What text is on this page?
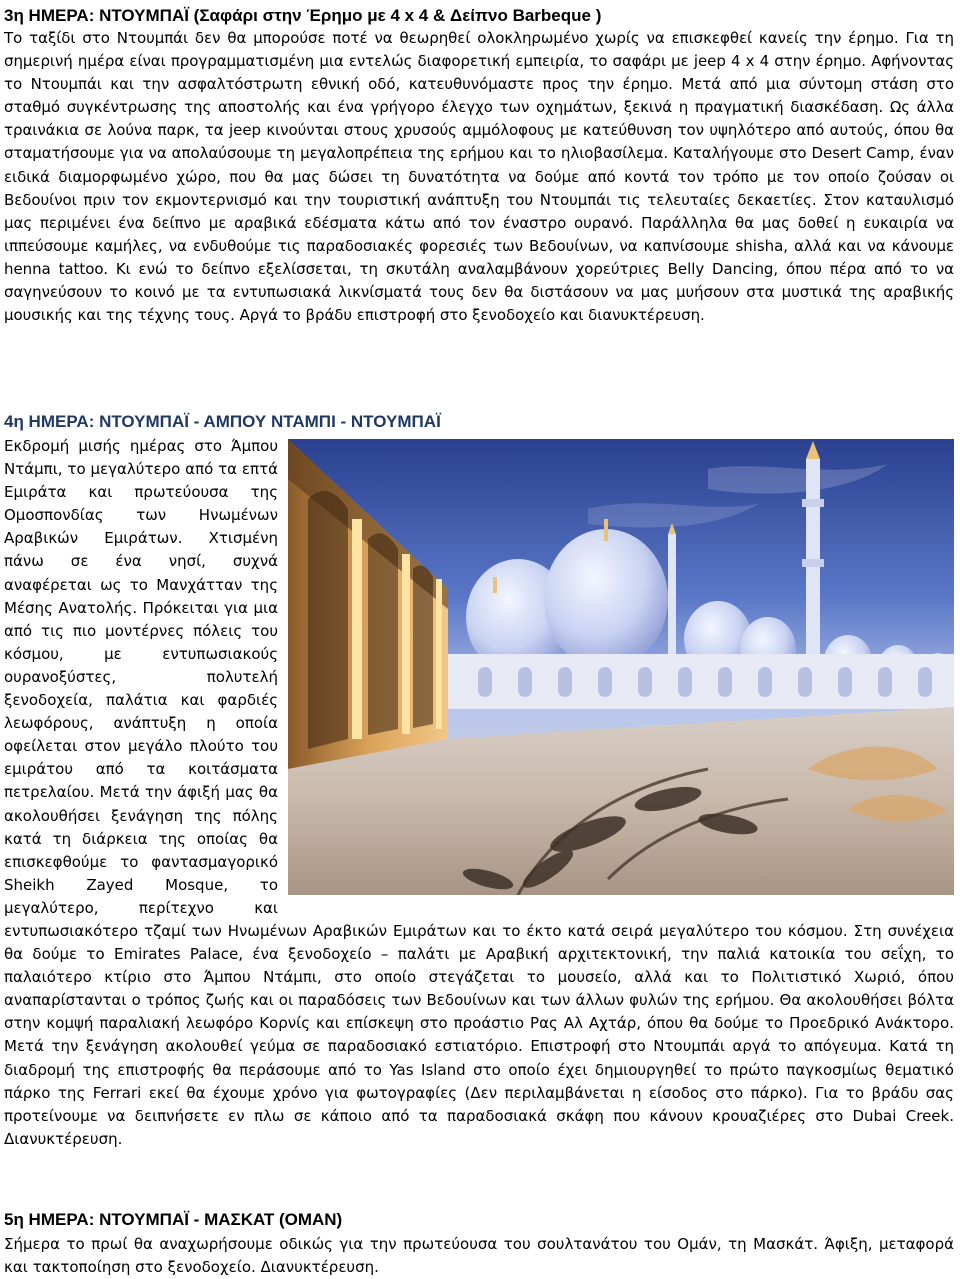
3η ΗΜΕΡΑ: ΝΤΟΥΜΠΑΪ (Σαφάρι στην Έρημο με 4 x 4 & Δείπνο Barbeque )

Το ταξίδι στο Ντουμπάι δεν θα μπορούσε ποτέ να θεωρηθεί ολοκληρωμένο χωρίς να επισκεφθεί κανείς την έρημο. Για τη σημερινή ημέρα είναι προγραμματισμένη μια εντελώς διαφορετική εμπειρία, το σαφάρι με jeep 4 x 4 στην έρημο. Αφήνοντας το Ντουμπάι και την ασφαλτόστρωτη εθνική οδό, κατευθυνόμαστε προς την έρημο. Μετά από μια σύντομη στάση στο σταθμό συγκέντρωσης της αποστολής και ένα γρήγορο έλεγχο των οχημάτων, ξεκινά η πραγματική διασκέδαση. Ως άλλα τραινάκια σε λούνα παρκ, τα jeep κινούνται στους χρυσούς αμμόλοφους με κατεύθυνση τον υψηλότερο από αυτούς, όπου θα σταματήσουμε για να απολαύσουμε τη μεγαλοπρέπεια της ερήμου και το ηλιοβασίλεμα. Καταλήγουμε στο Desert Camp, έναν ειδικά διαμορφωμένο χώρο, που θα μας δώσει τη δυνατότητα να δούμε από κοντά τον τρόπο με τον οποίο ζούσαν οι Βεδουίνοι πριν τον εκμοντερνισμό και την τουριστική ανάπτυξη του Ντουμπάι τις τελευταίες δεκαετίες. Στον καταυλισμό μας περιμένει ένα δείπνο με αραβικά εδέσματα κάτω από τον έναστρο ουρανό. Παράλληλα θα μας δοθεί η ευκαιρία να ιππεύσουμε καμήλες, να ενδυθούμε τις παραδοσιακές φορεσιές των Βεδουίνων, να καπνίσουμε shisha, αλλά και να κάνουμε henna tattoo. Κι ενώ το δείπνο εξελίσσεται, τη σκυτάλη αναλαμβάνουν χορεύτριες Belly Dancing, όπου πέρα από το να σαγηνεύσουν το κοινό με τα εντυπωσιακά λικνίσματά τους δεν θα διστάσουν να μας μυήσουν στα μυστικά της αραβικής μουσικής και της τέχνης τους. Αργά το βράδυ επιστροφή στο ξενοδοχείο και διανυκτέρευση.

4η ΗΜΕΡΑ: ΝΤΟΥΜΠΑΪ - ΑΜΠΟΥ ΝΤΑΜΠΙ - ΝΤΟΥΜΠΑΪ

Εκδρομή μισής ημέρας στο Άμπου Ντάμπι, το μεγαλύτερο από τα επτά Εμιράτα και πρωτεύουσα της Ομοσπονδίας των Ηνωμένων Αραβικών Εμιράτων. Χτισμένη πάνω σε ένα νησί, συχνά αναφέρεται ως το Μανχάτταν της Μέσης Ανατολής. Πρόκειται για μια από τις πιο μοντέρνες πόλεις του κόσμου, με εντυπωσιακούς ουρανοξύστες, πολυτελή ξενοδοχεία, παλάτια και φαρδιές λεωφόρους, ανάπτυξη η οποία οφείλεται στον μεγάλο πλούτο του εμιράτου από τα κοιτάσματα πετρελαίου. Μετά την άφιξή μας θα ακολουθήσει ξενάγηση της πόλης κατά τη διάρκεια της οποίας θα επισκεφθούμε το φαντασμαγορικό Sheikh Zayed Mosque, το μεγαλύτερο, περίτεχνο και εντυπωσιακότερο τζαμί των Ηνωμένων Αραβικών Εμιράτων και το έκτο κατά σειρά μεγαλύτερο του κόσμου. Στη συνέχεια θα δούμε το Emirates Palace, ένα ξενοδοχείο – παλάτι με Αραβική αρχιτεκτονική, την παλιά κατοικία του σεΐχη, το παλαιότερο κτίριο στο Άμπου Ντάμπι, στο οποίο στεγάζεται το μουσείο, αλλά και το Πολιτιστικό Χωριό, όπου αναπαρίστανται ο τρόπος ζωής και οι παραδόσεις των Βεδουίνων και των άλλων φυλών της ερήμου. Θα ακολουθήσει βόλτα στην κομψή παραλιακή λεωφόρο Κορνίς και επίσκεψη στο προάστιο Ρας Αλ Αχτάρ, όπου θα δούμε το Προεδρικό Ανάκτορο. Μετά την ξενάγηση ακολουθεί γεύμα σε παραδοσιακό εστιατόριο. Επιστροφή στο Ντουμπάι αργά το απόγευμα. Κατά τη διαδρομή της επιστροφής θα περάσουμε από το Yas Island στο οποίο έχει δημιουργηθεί το πρώτο παγκοσμίως θεματικό πάρκο της Ferrari εκεί θα έχουμε χρόνο για φωτογραφίες (Δεν περιλαμβάνεται η είσοδος στο πάρκο). Για το βράδυ σας προτείνουμε να δειπνήσετε εν πλω σε κάποιο από τα παραδοσιακά σκάφη που κάνουν κρουαζιέρες στο Dubai Creek. Διανυκτέρευση.

5η ΗΜΕΡΑ: ΝΤΟΥΜΠΑΪ - ΜΑΣΚΑΤ (ΟΜΑΝ)

Σήμερα το πρωί θα αναχωρήσουμε οδικώς για την πρωτεύουσα του σουλτανάτου του Ομάν, τη Μασκάτ. Άφιξη, μεταφορά και τακτοποίηση στο ξενοδοχείο. Διανυκτέρευση.
